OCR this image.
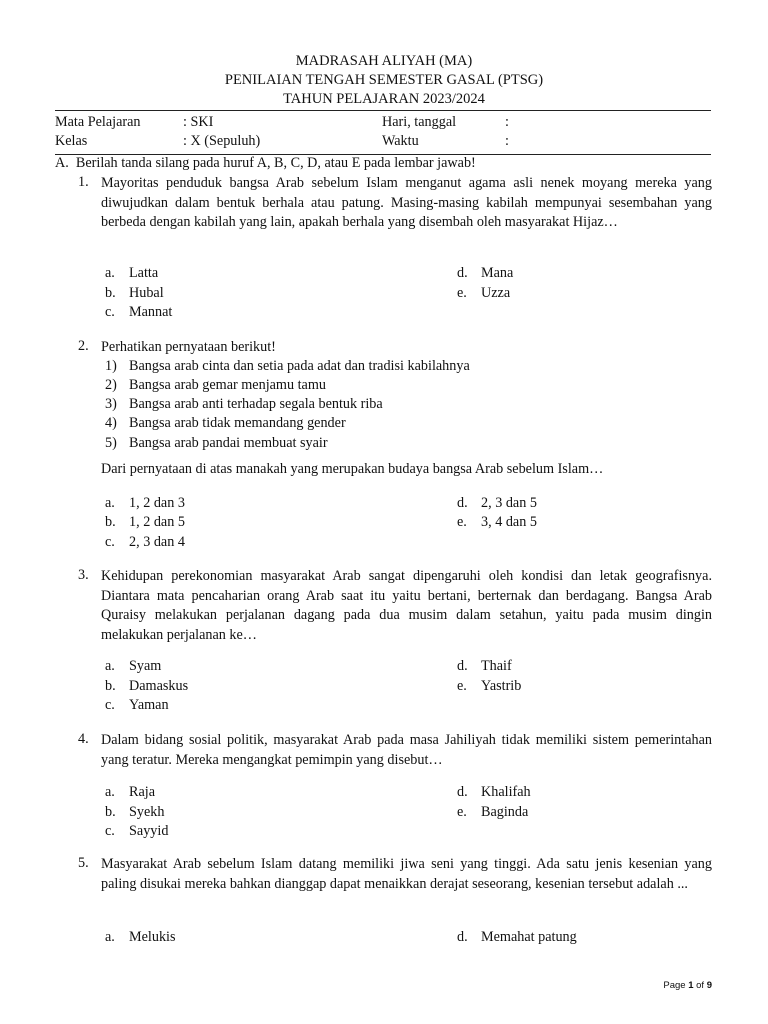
MADRASAH ALIYAH (MA)
PENILAIAN TENGAH SEMESTER GASAL (PTSG)
TAHUN PELAJARAN 2023/2024
Mata Pelajaran	: SKI	Hari, tanggal	:
Kelas	: X (Sepuluh)	Waktu	:
A.  Berilah tanda silang pada huruf A, B, C, D, atau E pada lembar jawab!
1. Mayoritas penduduk bangsa Arab sebelum Islam menganut agama asli nenek moyang mereka yang diwujudkan dalam bentuk berhala atau patung. Masing-masing kabilah mempunyai sesembahan yang berbeda dengan kabilah yang lain, apakah berhala yang disembah oleh masyarakat Hijaz…
a. Latta
b. Hubal
c. Mannat
d. Mana
e. Uzza
2. Perhatikan pernyataan berikut!
1) Bangsa arab cinta dan setia pada adat dan tradisi kabilahnya
2) Bangsa arab gemar menjamu tamu
3) Bangsa arab anti terhadap segala bentuk riba
4) Bangsa arab tidak memandang gender
5) Bangsa arab pandai membuat syair
Dari pernyataan di atas manakah yang merupakan budaya bangsa Arab sebelum Islam…
a. 1, 2 dan 3
b. 1, 2 dan 5
c. 2, 3 dan 4
d. 2, 3 dan 5
e. 3, 4 dan 5
3. Kehidupan perekonomian masyarakat Arab sangat dipengaruhi oleh kondisi dan letak geografisnya. Diantara mata pencaharian orang Arab saat itu yaitu bertani, berternak dan berdagang. Bangsa Arab Quraisy melakukan perjalanan dagang pada dua musim dalam setahun, yaitu pada musim dingin melakukan perjalanan ke…
a. Syam
b. Damaskus
c. Yaman
d. Thaif
e. Yastrib
4. Dalam bidang sosial politik, masyarakat Arab pada masa Jahiliyah tidak memiliki sistem pemerintahan yang teratur. Mereka mengangkat pemimpin yang disebut…
a. Raja
b. Syekh
c. Sayyid
d. Khalifah
e. Baginda
5. Masyarakat Arab sebelum Islam datang memiliki jiwa seni yang tinggi. Ada satu jenis kesenian yang paling disukai mereka bahkan dianggap dapat menaikkan derajat seseorang, kesenian tersebut adalah ...
a. Melukis	d. Memahat patung
Page 1 of 9
